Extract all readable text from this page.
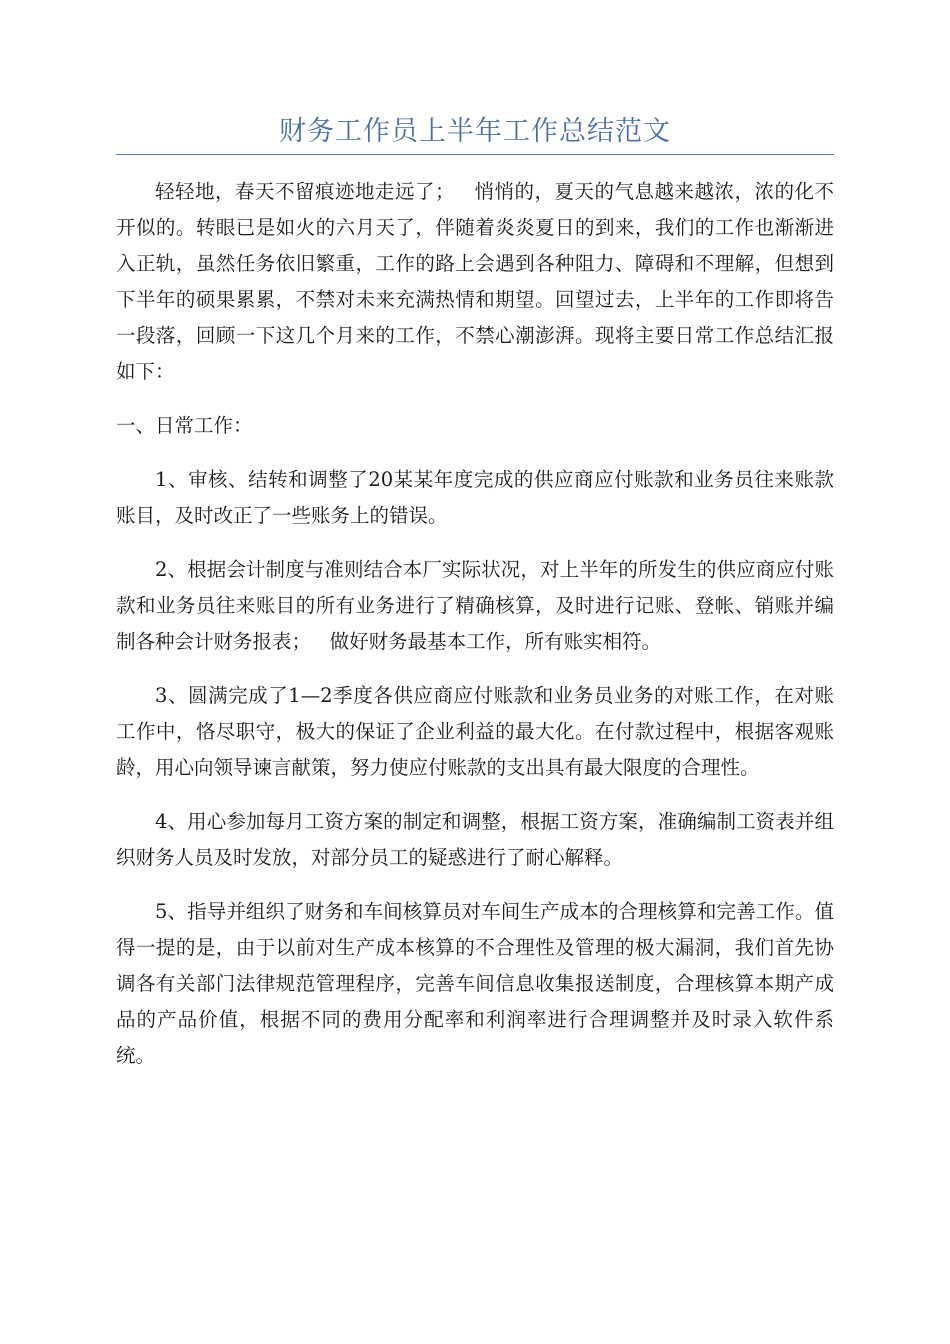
财务工作员上半年工作总结范文

轻轻地，春天不留痕迹地走远了；   悄悄的，夏天的气息越来越浓，浓的化不开似的。转眼已是如火的六月天了，伴随着炎炎夏日的到来，我们的工作也渐渐进入正轨，虽然任务依旧繁重，工作的路上会遇到各种阻力、障碍和不理解，但想到下半年的硕果累累，不禁对未来充满热情和期望。回望过去，上半年的工作即将告一段落，回顾一下这几个月来的工作，不禁心潮澎湃。现将主要日常工作总结汇报如下：

一、日常工作：

1、审核、结转和调整了20某某年度完成的供应商应付账款和业务员往来账款账目，及时改正了一些账务上的错误。

2、根据会计制度与准则结合本厂实际状况，对上半年的所发生的供应商应付账款和业务员往来账目的所有业务进行了精确核算，及时进行记账、登帐、销账并编制各种会计财务报表；   做好财务最基本工作，所有账实相符。

3、圆满完成了1—2季度各供应商应付账款和业务员业务的对账工作，在对账工作中，恪尽职守，极大的保证了企业利益的最大化。在付款过程中，根据客观账龄，用心向领导谏言献策，努力使应付账款的支出具有最大限度的合理性。

4、用心参加每月工资方案的制定和调整，根据工资方案，准确编制工资表并组织财务人员及时发放，对部分员工的疑惑进行了耐心解释。

5、指导并组织了财务和车间核算员对车间生产成本的合理核算和完善工作。值得一提的是，由于以前对生产成本核算的不合理性及管理的极大漏洞，我们首先协调各有关部门法律规范管理程序，完善车间信息收集报送制度，合理核算本期产成品的产品价值，根据不同的费用分配率和利润率进行合理调整并及时录入软件系统。
